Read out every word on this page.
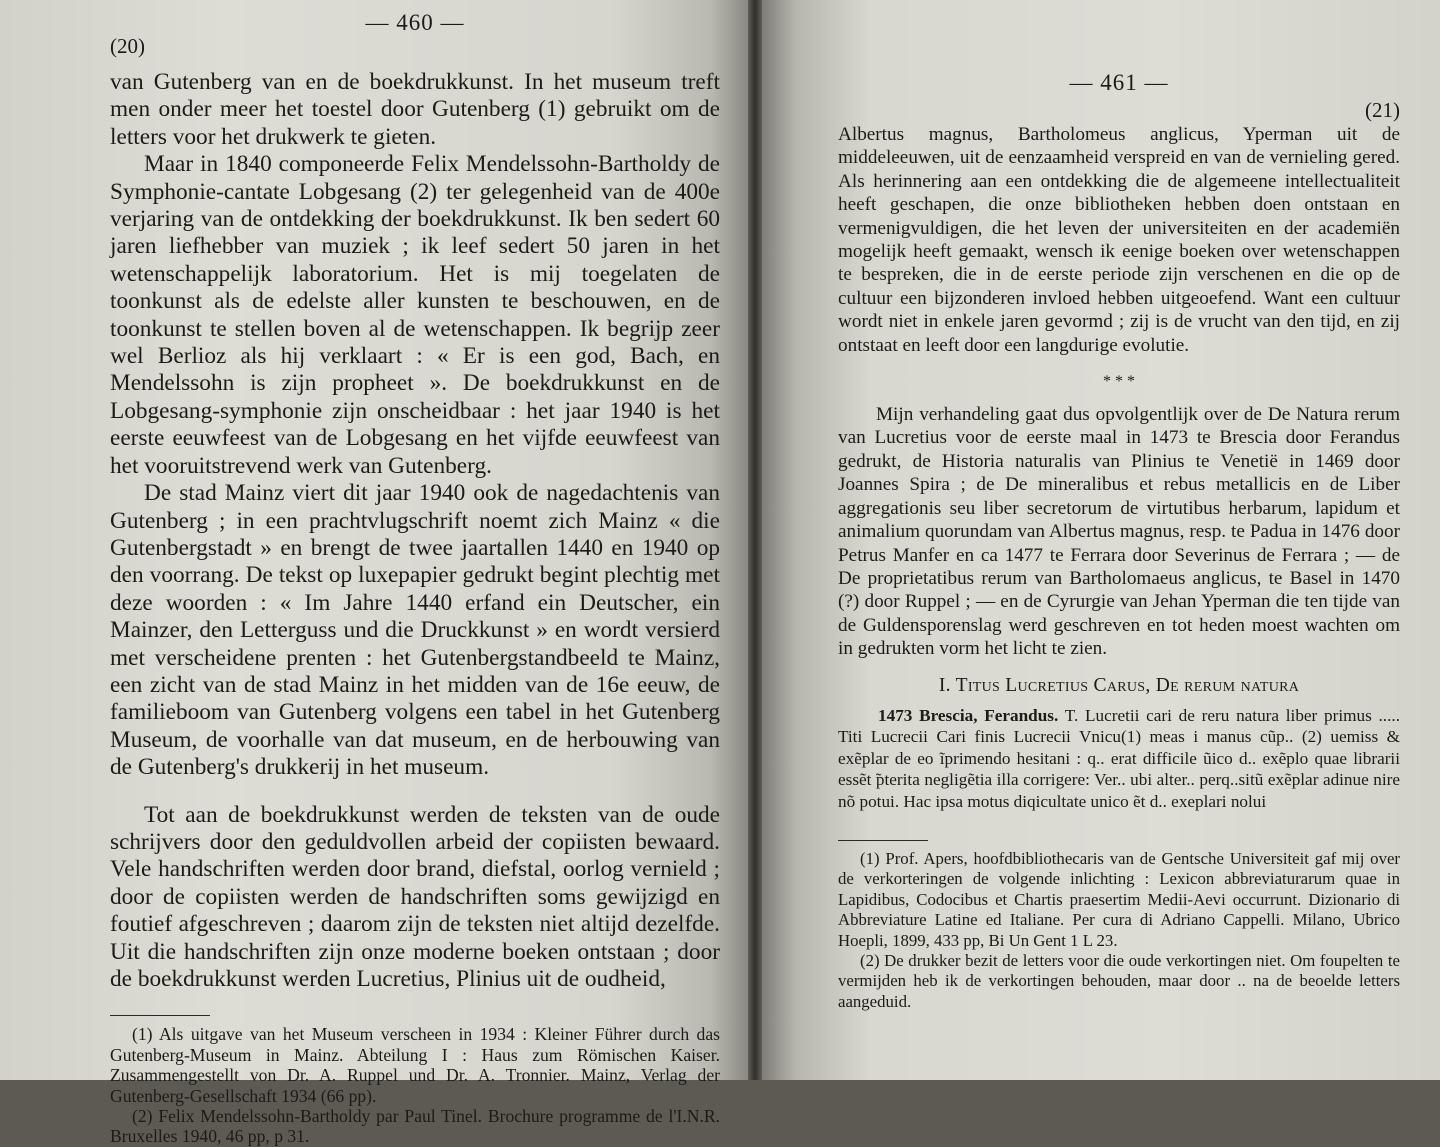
— 460 —

(20)

van Gutenberg van en de boekdrukkunst. In het museum treft men onder meer het toestel door Gutenberg (1) gebruikt om de letters voor het drukwerk te gieten.

Maar in 1840 componeerde Felix Mendelssohn-Bartholdy de Symphonie-cantate Lobgesang (2) ter gelegenheid van de 400e verjaring van de ontdekking der boekdrukkunst. Ik ben sedert 60 jaren liefhebber van muziek ; ik leef sedert 50 jaren in het wetenschappelijk laboratorium. Het is mij toegelaten de toonkunst als de edelste aller kunsten te beschouwen, en de toonkunst te stellen boven al de wetenschappen. Ik begrijp zeer wel Berlioz als hij verklaart : « Er is een god, Bach, en Mendelssohn is zijn propheet ». De boekdrukkunst en de Lobgesang-symphonie zijn onscheidbaar : het jaar 1940 is het eerste eeuwfeest van de Lobgesang en het vijfde eeuwfeest van het vooruitstrevend werk van Gutenberg.

De stad Mainz viert dit jaar 1940 ook de nagedachtenis van Gutenberg ; in een prachtvlugschrift noemt zich Mainz « die Gutenbergstadt » en brengt de twee jaartallen 1440 en 1940 op den voorrang. De tekst op luxepapier gedrukt begint plechtig met deze woorden : « Im Jahre 1440 erfand ein Deutscher, ein Mainzer, den Letterguss und die Druckkunst » en wordt versierd met verscheidene prenten : het Gutenbergstandbeeld te Mainz, een zicht van de stad Mainz in het midden van de 16e eeuw, de familieboom van Gutenberg volgens een tabel in het Gutenberg Museum, de voorhalle van dat museum, en de herbouwing van de Gutenberg's drukkerij in het museum.

Tot aan de boekdrukkunst werden de teksten van de oude schrijvers door den geduldvollen arbeid der copiisten bewaard. Vele handschriften werden door brand, diefstal, oorlog vernield ; door de copiisten werden de handschriften soms gewijzigd en foutief afgeschreven ; daarom zijn de teksten niet altijd dezelfde. Uit die handschriften zijn onze moderne boeken ontstaan ; door de boekdrukkunst werden Lucretius, Plinius uit de oudheid,

(1) Als uitgave van het Museum verscheen in 1934 : Kleiner Führer durch das Gutenberg-Museum in Mainz. Abteilung I : Haus zum Römischen Kaiser. Zusammengestellt von Dr. A. Ruppel und Dr. A. Tronnier. Mainz, Verlag der Gutenberg-Gesellschaft 1934 (66 pp).

(2) Felix Mendelssohn-Bartholdy par Paul Tinel. Brochure programme de l'I.N.R. Bruxelles 1940, 46 pp, p 31.

— 461 —

(21)

Albertus magnus, Bartholomeus anglicus, Yperman uit de middeleeuwen, uit de eenzaamheid verspreid en van de vernieling gered. Als herinnering aan een ontdekking die de algemeene intellectualiteit heeft geschapen, die onze bibliotheken hebben doen ontstaan en vermenigvuldigen, die het leven der universiteiten en der academiën mogelijk heeft gemaakt, wensch ik eenige boeken over wetenschappen te bespreken, die in de eerste periode zijn verschenen en die op de cultuur een bijzonderen invloed hebben uitgeoefend. Want een cultuur wordt niet in enkele jaren gevormd ; zij is de vrucht van den tijd, en zij ontstaat en leeft door een langdurige evolutie.

* * *

Mijn verhandeling gaat dus opvolgentlijk over de De Natura rerum van Lucretius voor de eerste maal in 1473 te Brescia door Ferandus gedrukt, de Historia naturalis van Plinius te Venetië in 1469 door Joannes Spira ; de De mineralibus et rebus metallicis en de Liber aggregationis seu liber secretorum de virtutibus herbarum, lapidum et animalium quorundam van Albertus magnus, resp. te Padua in 1476 door Petrus Manfer en ca 1477 te Ferrara door Severinus de Ferrara ; — de De proprietatibus rerum van Bartholomaeus anglicus, te Basel in 1470 (?) door Ruppel ; — en de Cyrurgie van Jehan Yperman die ten tijde van de Guldensporenslag werd geschreven en tot heden moest wachten om in gedrukten vorm het licht te zien.

I. Titus Lucretius Carus, De rerum natura

1473 Brescia, Ferandus. T. Lucretii cari de reru natura liber primus ..... Titi Lucrecii Cari finis Lucrecii Vnicu(1) meas i manus cũp.. (2) uemiss & exẽplar de eo ĩprimendo hesitani : q.. erat difficile ũico d.. exẽplo quae librarii essẽt ̃pterita negligẽtia illa corrigere: Ver.. ubi alter.. perq..sitũ exẽplar adinue nire nõ potui. Hac ipsa motus diqicultate unico ẽt d.. exeplari nolui

(1) Prof. Apers, hoofdbibliothecaris van de Gentsche Universiteit gaf mij over de verkorteringen de volgende inlichting : Lexicon abbreviaturarum quae in Lapidibus, Codocibus et Chartis praesertim Medii-Aevi occurrunt. Dizionario di Abbreviature Latine ed Italiane. Per cura di Adriano Cappelli. Milano, Ubrico Hoepli, 1899, 433 pp, Bi Un Gent 1 L 23.

(2) De drukker bezit de letters voor die oude verkortingen niet. Om foupelten te vermijden heb ik de verkortingen behouden, maar door .. na de beoelde letters aangeduid.
